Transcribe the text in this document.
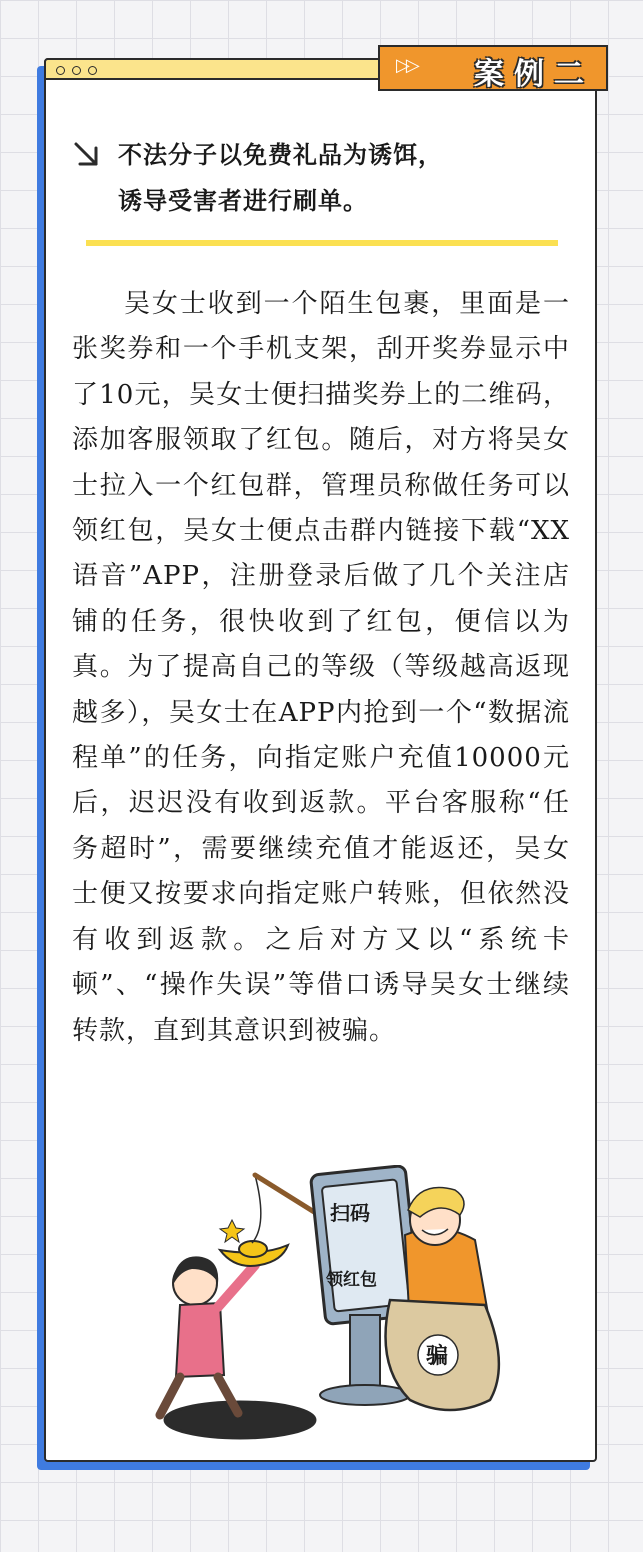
▷▷ 案例二
不法分子以免费礼品为诱饵，
诱导受害者进行刷单。
吴女士收到一个陌生包裹，里面是一张奖券和一个手机支架，刮开奖券显示中了10元，吴女士便扫描奖券上的二维码，添加客服领取了红包。随后，对方将吴女士拉入一个红包群，管理员称做任务可以领红包，吴女士便点击群内链接下载“XX语音”APP，注册登录后做了几个关注店铺的任务，很快收到了红包，便信以为真。为了提高自己的等级（等级越高返现越多），吴女士在APP内抢到一个“数据流程单”的任务，向指定账户充值10000元后，迟迟没有收到返款。平台客服称“任务超时”，需要继续充值才能返还，吴女士便又按要求向指定账户转账，但依然没有收到返款。之后对方又以“系统卡顿”、“操作失误”等借口诱导吴女士继续转款，直到其意识到被骗。
扫码
领红包
骗
